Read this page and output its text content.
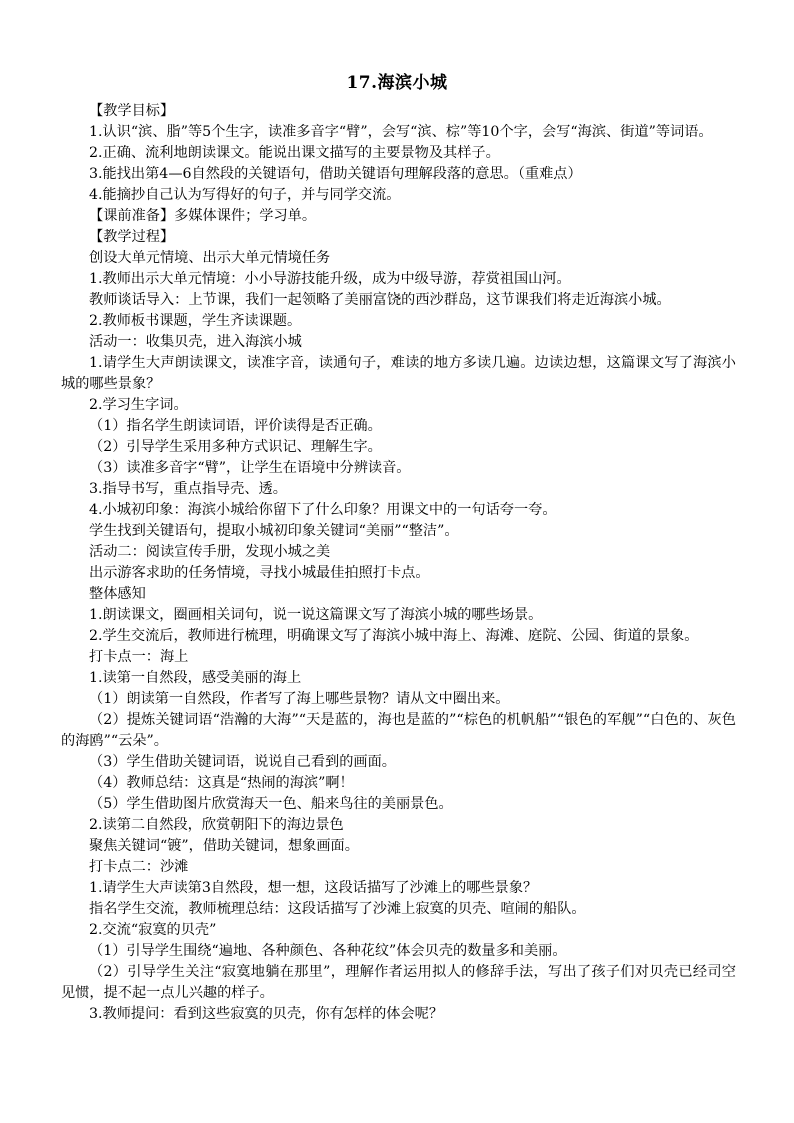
17.海滨小城

【教学目标】

1.认识“滨、脂”等5个生字，读准多音字“臂”，会写“滨、棕”等10个字，会写“海滨、街道”等词语。

2.正确、流利地朗读课文。能说出课文描写的主要景物及其样子。

3.能找出第4—6自然段的关键语句，借助关键语句理解段落的意思。（重难点）

4.能摘抄自己认为写得好的句子，并与同学交流。

【课前准备】多媒体课件；学习单。

【教学过程】

创设大单元情境、出示大单元情境任务

1.教师出示大单元情境：小小导游技能升级，成为中级导游，荐赏祖国山河。

教师谈话导入：上节课，我们一起领略了美丽富饶的西沙群岛，这节课我们将走近海滨小城。

2.教师板书课题，学生齐读课题。

活动一：收集贝壳，进入海滨小城

1.请学生大声朗读课文，读准字音，读通句子，难读的地方多读几遍。边读边想，这篇课文写了海滨小城的哪些景象？

2.学习生字词。

（1）指名学生朗读词语，评价读得是否正确。

（2）引导学生采用多种方式识记、理解生字。

（3）读准多音字“臂”，让学生在语境中分辨读音。

3.指导书写，重点指导壳、透。

4.小城初印象：海滨小城给你留下了什么印象？用课文中的一句话夸一夸。

学生找到关键语句，提取小城初印象关键词“美丽”“整洁”。

活动二：阅读宣传手册，发现小城之美

出示游客求助的任务情境，寻找小城最佳拍照打卡点。

整体感知

1.朗读课文，圈画相关词句，说一说这篇课文写了海滨小城的哪些场景。

2.学生交流后，教师进行梳理，明确课文写了海滨小城中海上、海滩、庭院、公园、街道的景象。

打卡点一：海上

1.读第一自然段，感受美丽的海上

（1）朗读第一自然段，作者写了海上哪些景物？请从文中圈出来。

（2）提炼关键词语“浩瀚的大海”“天是蓝的，海也是蓝的”“棕色的机帆船”“银色的军舰”“白色的、灰色的海鸥”“云朵”。

（3）学生借助关键词语，说说自己看到的画面。

（4）教师总结：这真是“热闹的海滨”啊！

（5）学生借助图片欣赏海天一色、船来鸟往的美丽景色。

2.读第二自然段，欣赏朝阳下的海边景色

聚焦关键词“镀”，借助关键词，想象画面。

打卡点二：沙滩

1.请学生大声读第3自然段，想一想，这段话描写了沙滩上的哪些景象？

指名学生交流，教师梳理总结：这段话描写了沙滩上寂寞的贝壳、喧闹的船队。

2.交流“寂寞的贝壳”

（1）引导学生围绕“遍地、各种颜色、各种花纹”体会贝壳的数量多和美丽。

（2）引导学生关注“寂寞地躺在那里”，理解作者运用拟人的修辞手法，写出了孩子们对贝壳已经司空见惯，提不起一点儿兴趣的样子。

3.教师提问：看到这些寂寞的贝壳，你有怎样的体会呢？
